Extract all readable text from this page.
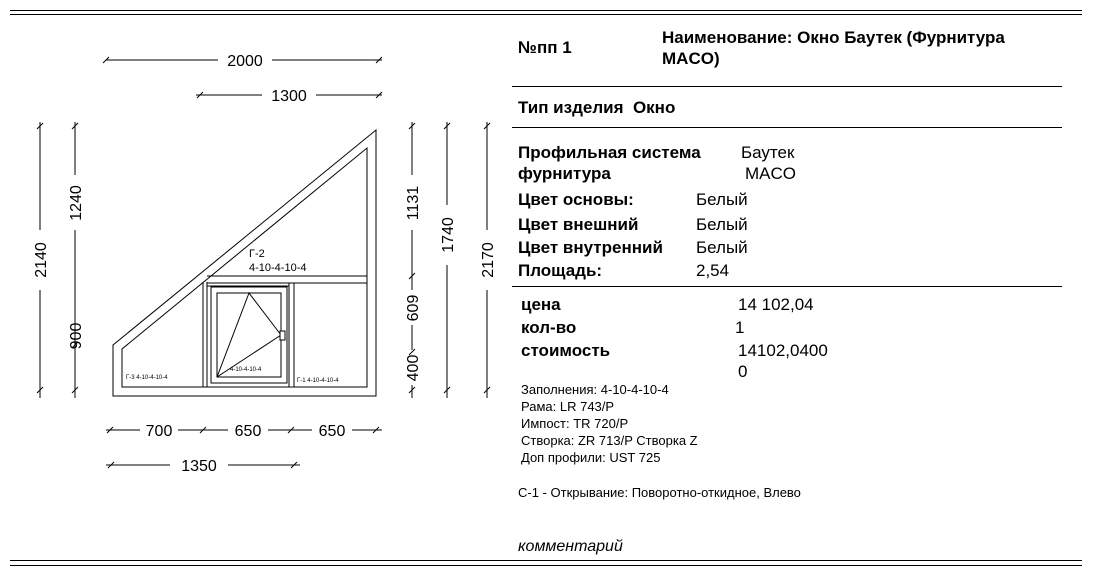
Г-2
4-10-4-10-4
Г-3 4-10-4-10-4	Г-1 4-10-4-10-4
4-10-4-10-4
2000
1300
700	650	650
1350
2140
1240
900
1131
609
400
1740
2170
№пп 1
Наименование: Окно Баутек (Фурнитура
MACO)
Тип изделия  Окно
Профильная система Баутек
фурнитура	MACO
Цвет основы:	Белый
Цвет внешний	Белый
Цвет внутренний Белый
Площадь:	2,54
цена	14 102,04
кол-во	1
стоимость	14102,0400
0
Заполнения: 4-10-4-10-4
Рама: LR 743/P
Импост: TR 720/P
Створка: ZR 713/P Створка Z
Доп профили: UST 725
С-1 - Открывание: Поворотно-откидное, Влево
комментарий
